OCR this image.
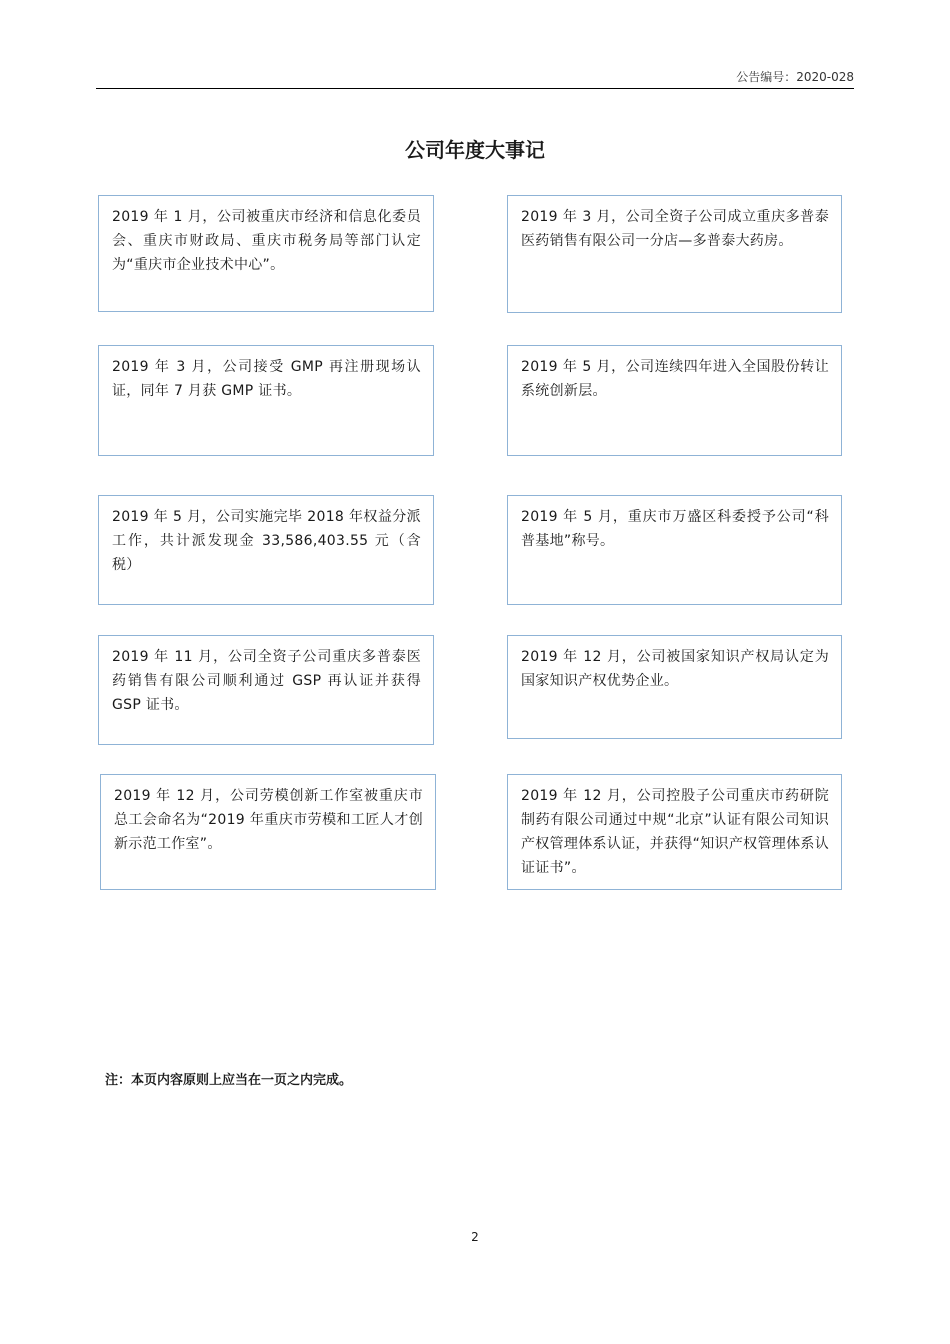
公告编号：2020-028
公司年度大事记
2019 年 1 月，公司被重庆市经济和信息化委员会、重庆市财政局、重庆市税务局等部门认定为“重庆市企业技术中心”。
2019 年 3 月，公司全资子公司成立重庆多普泰医药销售有限公司一分店—多普泰大药房。
2019 年 3 月，公司接受 GMP 再注册现场认证，同年 7 月获 GMP 证书。
2019 年 5 月，公司连续四年进入全国股份转让系统创新层。
2019 年 5 月，公司实施完毕 2018 年权益分派工作，共计派发现金 33,586,403.55 元（含税）
2019 年 5 月，重庆市万盛区科委授予公司“科普基地”称号。
2019 年 11 月，公司全资子公司重庆多普泰医药销售有限公司顺利通过 GSP 再认证并获得 GSP 证书。
2019 年 12 月，公司被国家知识产权局认定为国家知识产权优势企业。
2019 年 12 月，公司劳模创新工作室被重庆市总工会命名为“2019 年重庆市劳模和工匠人才创新示范工作室”。
2019 年 12 月，公司控股子公司重庆市药研院制药有限公司通过中规“北京”认证有限公司知识产权管理体系认证，并获得“知识产权管理体系认证证书”。
注：本页内容原则上应当在一页之内完成。
2
